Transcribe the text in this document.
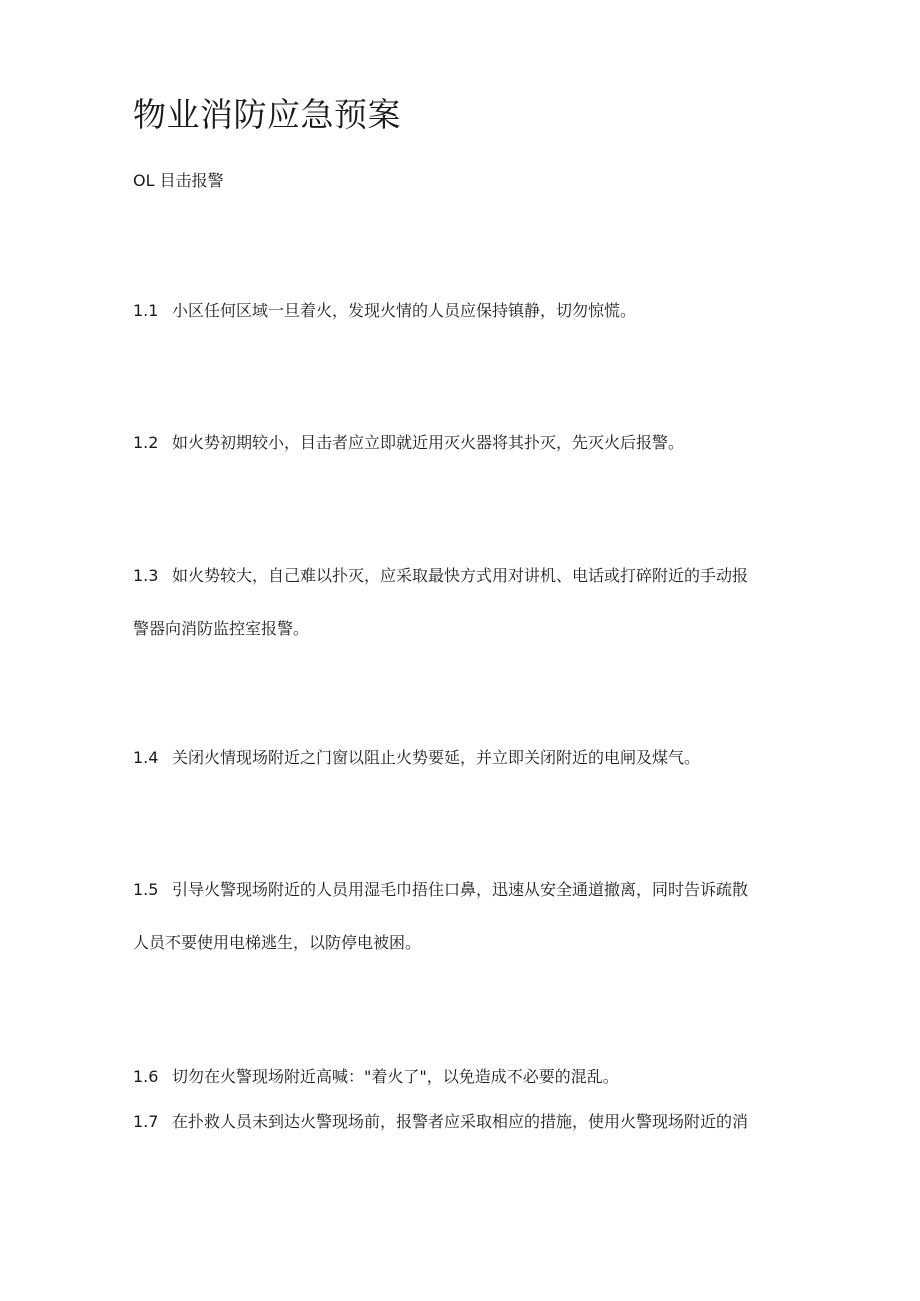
物业消防应急预案
OL 目击报警
1.1 小区任何区域一旦着火，发现火情的人员应保持镇静，切勿惊慌。
1.2 如火势初期较小，目击者应立即就近用灭火器将其扑灭，先灭火后报警。
1.3 如火势较大，自己难以扑灭，应采取最快方式用对讲机、电话或打碎附近的手动报
警器向消防监控室报警。
1.4 关闭火情现场附近之门窗以阻止火势要延，并立即关闭附近的电闸及煤气。
1.5 引导火警现场附近的人员用湿毛巾捂住口鼻，迅速从安全通道撤离，同时告诉疏散
人员不要使用电梯逃生，以防停电被困。
1.6 切勿在火警现场附近高喊："着火了"，以免造成不必要的混乱。
1.7 在扑救人员未到达火警现场前，报警者应采取相应的措施，使用火警现场附近的消
